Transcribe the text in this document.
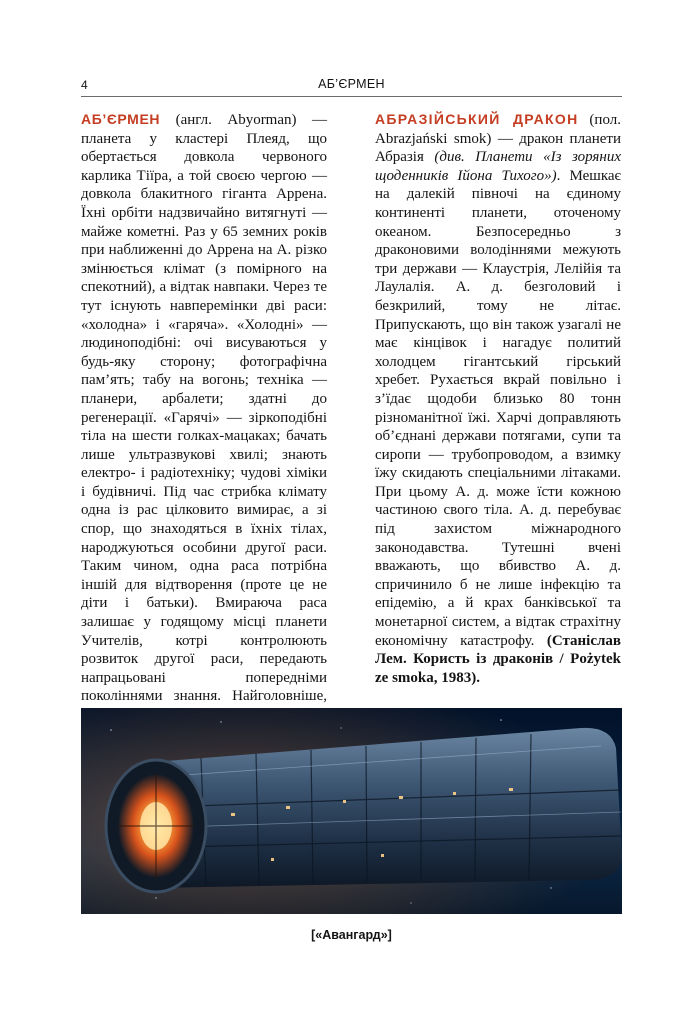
4	АБ’ЄРМЕН

АБ’ЄРМЕН (англ. Abyorman) — планета у кластері Плеяд, що обертається довкола червоного карлика Тіїра, а той своєю чергою — довкола блакитного гіганта Аррена. Їхні орбіти надзвичайно витягнуті — майже кометні. Раз у 65 земних років при наближенні до Аррена на А. різко змінюється клімат (з помірного на спекотний), а відтак навпаки. Через те тут існують навперемінки дві раси: «холодна» і «гаряча». «Холодні» — людиноподібні: очі висуваються у будь-яку сторону; фотографічна пам’ять; табу на вогонь; техніка — планери, арбалети; здатні до регенерації. «Гарячі» — зіркоподібні тіла на шести голках-мацаках; бачать лише ультразвукові хвилі; знають електро- і радіотехніку; чудові хіміки і будівничі. Під час стрибка клімату одна із рас цілковито вимирає, а зі спор, що знаходяться в їхніх тілах, народжуються особини другої раси. Таким чином, одна раса потрібна іншій для відтворення (проте це не діти і батьки). Вмираюча раса залишає у годящому місці планети Учителів, котрі контролюють розвиток другої раси, передають напрацьовані попередніми поколіннями знання. Найголовніше,

АБРАЗІЙСЬКИЙ ДРАКОН (пол. Abrazjański smok) — дракон планети Абразія (див. Планети «Із зоряних щоденників Ійона Тихого»). Мешкає на далекій півночі на єдиному континенті планети, оточеному океаном. Безпосередньо з драконовими володіннями межують три держави — Клаустрія, Лелійія та Лаулалія. А. д. безголовий і безкрилий, тому не літає. Припускають, що він також узагалі не має кінцівок і нагадує политий холодцем гігантський гірський хребет. Рухається вкрай повільно і з’їдає щодоби близько 80 тонн різноманітної їжі. Харчі доправляють об’єднані держави потягами, супи та сиропи — трубопроводом, а взимку їжу скидають спеціальними літаками. При цьому А. д. може їсти кожною частиною свого тіла. А. д. перебуває під захистом міжнародного законодавства. Тутешні вчені вважають, що вбивство А. д. спричинило б не лише інфекцію та епідемію, а й крах банківської та монетарної систем, а відтак страхітну економічну катастрофу. (Станіслав Лем. Користь із драконів / Pożytek ze smoka, 1983).

[«Авангард»]
